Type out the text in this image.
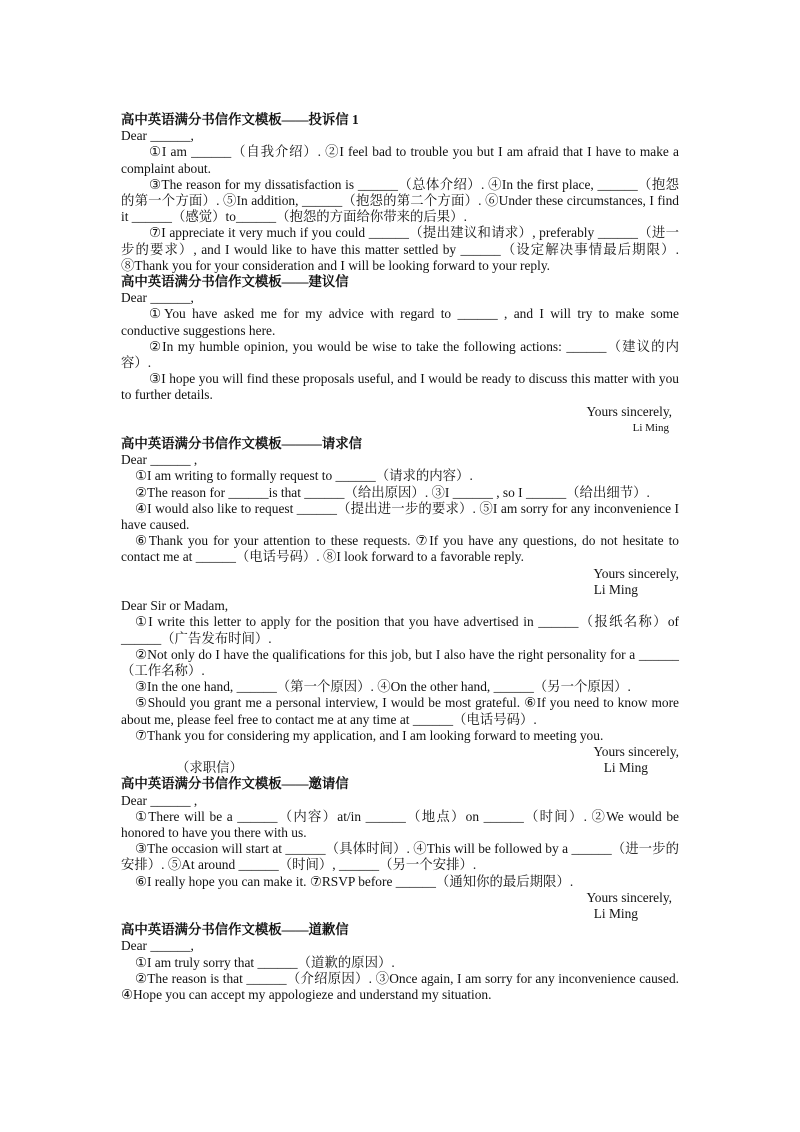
高中英语满分书信作文模板——投诉信 1

Dear ______,

①I am ______（自我介绍）. ②I feel bad to trouble you but I am afraid that I have to make a complaint about.

③The reason for my dissatisfaction is ______（总体介绍）. ④In the first place, ______（抱怨的第一个方面）. ⑤In addition, ______（抱怨的第二个方面）. ⑥Under these circumstances, I find it ______（感觉）to______（抱怨的方面给你带来的后果）.

⑦I appreciate it very much if you could ______（提出建议和请求）, preferably ______（进一步的要求）, and I would like to have this matter settled by ______（设定解决事情最后期限）. ⑧Thank you for your consideration and I will be looking forward to your reply.

高中英语满分书信作文模板——建议信

Dear ______,

①You have asked me for my advice with regard to ______ , and I will try to make some conductive suggestions here.

②In my humble opinion, you would be wise to take the following actions: ______（建议的内容）.

③I hope you will find these proposals useful, and I would be ready to discuss this matter with you to further details.

Yours sincerely,

Li Ming

高中英语满分书信作文模板———请求信

Dear ______ ,

①I am writing to formally request to ______（请求的内容）.

②The reason for ______is that ______（给出原因）. ③I ______ , so I ______（给出细节）.

④I would also like to request ______（提出进一步的要求）. ⑤I am sorry for any inconvenience I have caused.

⑥Thank you for your attention to these requests. ⑦If you have any questions, do not hesitate to contact me at ______（电话号码）. ⑧I look forward to a favorable reply.

Yours sincerely,

Li Ming

Dear Sir or Madam,

①I write this letter to apply for the position that you have advertised in ______（报纸名称）of ______（广告发布时间）.

②Not only do I have the qualifications for this job, but I also have the right personality for a ______（工作名称）.

③In the one hand, ______（第一个原因）. ④On the other hand, ______（另一个原因）.

⑤Should you grant me a personal interview, I would be most grateful. ⑥If you need to know more about me, please feel free to contact me at any time at ______（电话号码）.

⑦Thank you for considering my application, and I am looking forward to meeting you.

Yours sincerely,

（求职信）	Li Ming

高中英语满分书信作文模板——邀请信

Dear ______ ,

①There will be a ______（内容）at/in ______（地点）on ______（时间）. ②We would be honored to have you there with us.

③The occasion will start at ______（具体时间）. ④This will be followed by a ______（进一步的安排）. ⑤At around ______（时间）, ______（另一个安排）.

⑥I really hope you can make it. ⑦RSVP before ______（通知你的最后期限）.

Yours sincerely,

Li Ming

高中英语满分书信作文模板——道歉信

Dear ______,

①I am truly sorry that ______（道歉的原因）.

②The reason is that ______（介绍原因）. ③Once again, I am sorry for any inconvenience caused. ④Hope you can accept my appologieze and understand my situation.
